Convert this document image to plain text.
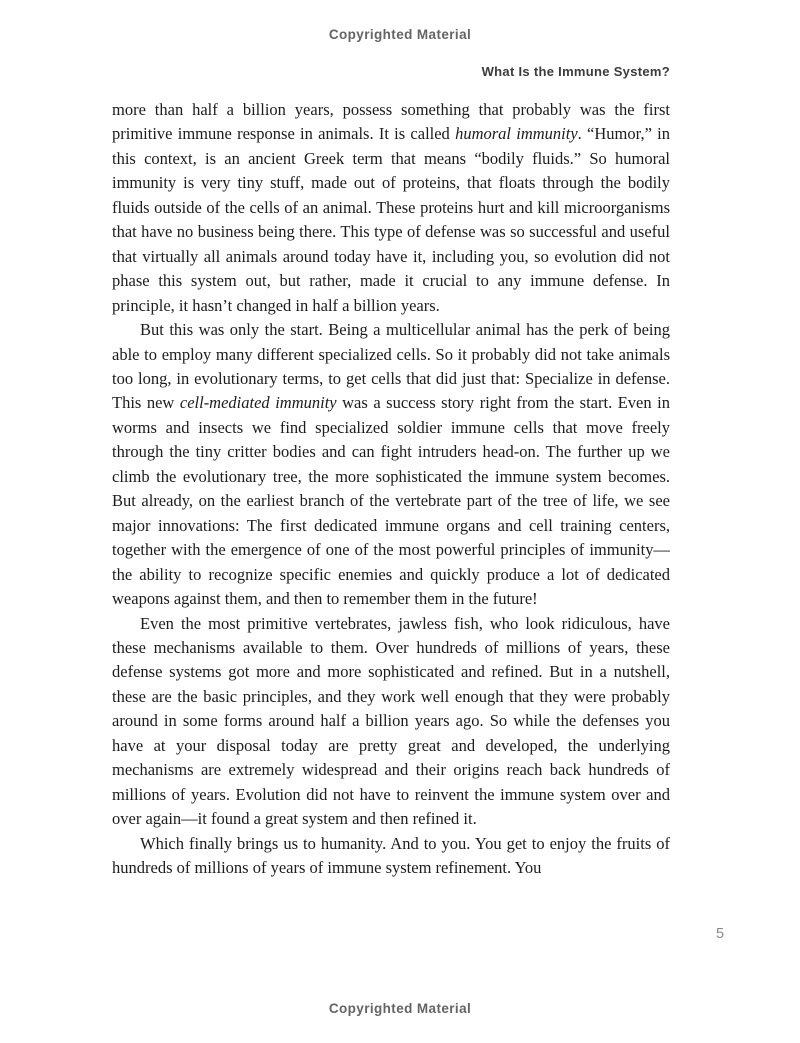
Copyrighted Material
What Is the Immune System?

more than half a billion years, possess something that probably was the first primitive immune response in animals. It is called humoral immunity. “Humor,” in this context, is an ancient Greek term that means “bodily fluids.” So humoral immunity is very tiny stuff, made out of proteins, that floats through the bodily fluids outside of the cells of an animal. These proteins hurt and kill microorganisms that have no business being there. This type of defense was so successful and useful that virtually all animals around today have it, including you, so evolution did not phase this system out, but rather, made it crucial to any immune defense. In principle, it hasn’t changed in half a billion years.

But this was only the start. Being a multicellular animal has the perk of being able to employ many different specialized cells. So it probably did not take animals too long, in evolutionary terms, to get cells that did just that: Specialize in defense. This new cell-mediated immunity was a success story right from the start. Even in worms and insects we find specialized soldier immune cells that move freely through the tiny critter bodies and can fight intruders head-on. The further up we climb the evolutionary tree, the more sophisticated the immune system becomes. But already, on the earliest branch of the vertebrate part of the tree of life, we see major innovations: The first dedicated immune organs and cell training centers, together with the emergence of one of the most powerful principles of immunity—the ability to recognize specific enemies and quickly produce a lot of dedicated weapons against them, and then to remember them in the future!

Even the most primitive vertebrates, jawless fish, who look ridiculous, have these mechanisms available to them. Over hundreds of millions of years, these defense systems got more and more sophisticated and refined. But in a nutshell, these are the basic principles, and they work well enough that they were probably around in some forms around half a billion years ago. So while the defenses you have at your disposal today are pretty great and developed, the underlying mechanisms are extremely widespread and their origins reach back hundreds of millions of years. Evolution did not have to reinvent the immune system over and over again—it found a great system and then refined it.

Which finally brings us to humanity. And to you. You get to enjoy the fruits of hundreds of millions of years of immune system refinement. You

5
Copyrighted Material
